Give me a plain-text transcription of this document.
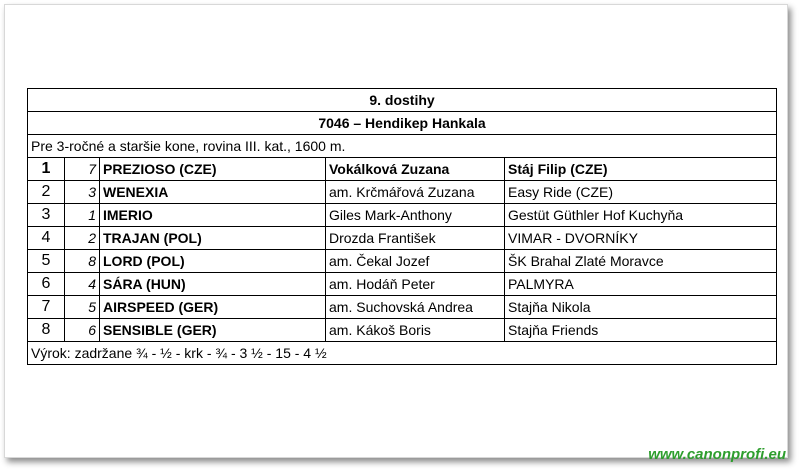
9. dostihy				
7046 – Hendikep Hankala				
Pre 3-ročné a staršie kone, rovina III. kat., 1600 m.				
1	7	PREZIOSO (CZE)	Vokálková Zuzana	Stáj Filip (CZE)
2	3	WENEXIA	am. Krčmářová Zuzana	Easy Ride (CZE)
3	1	IMERIO	Giles Mark-Anthony	Gestüt Güthler Hof Kuchyňa
4	2	TRAJAN (POL)	Drozda František	VIMAR - DVORNÍKY
5	8	LORD (POL)	am. Čekal Jozef	ŠK Brahal Zlaté Moravce
6	4	SÁRA (HUN)	am. Hodáň Peter	PALMYRA
7	5	AIRSPEED (GER)	am. Suchovská Andrea	Stajňa Nikola
8	6	SENSIBLE (GER)	am. Kákoš Boris	Stajňa Friends
Výrok: zadržane ¾ - ½ - krk - ¾ - 3 ½ - 15 - 4 ½				
www.canonprofi.eu
